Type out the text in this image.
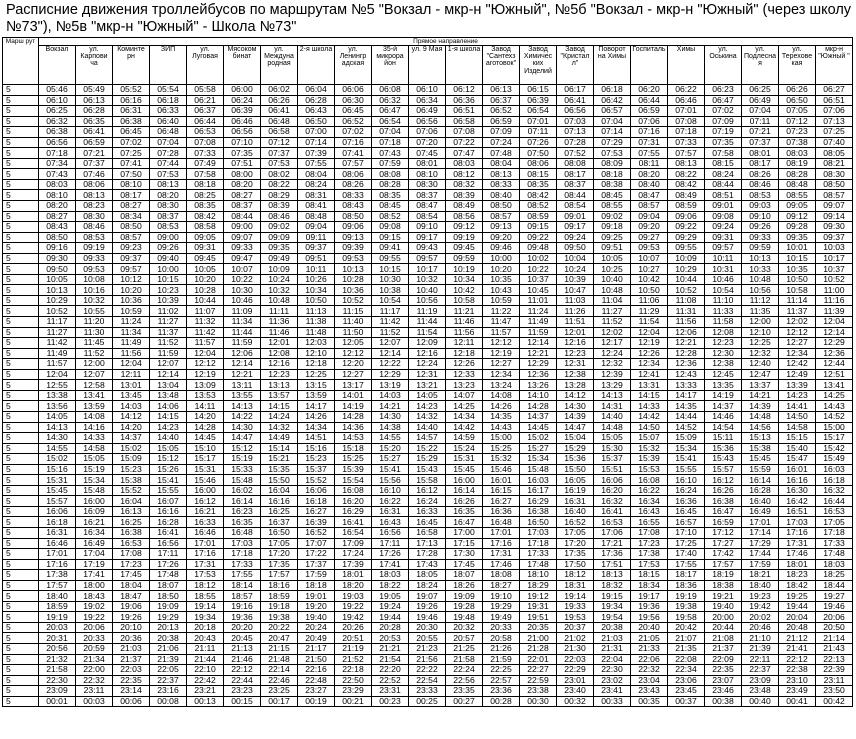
Расписние движения троллейбусов по маршрутам №5 "Вокзал - мкр-н "Южный", №5б "Вокзал - мкр-н "Южный" (через школу №73"), №5в "мкр-н "Южный" - Школа №73"
Марш рут	Прямое направление																					
	Вокзал	ул. Карпови ча	Коминте рн	ЗИП	ул. Луговая	Мясоком бинат	ул. Междуна родная	2-я школа	ул. Ленингр адская	35-й микрора йон	ул. 9 Мая	1-я школа	Завод "Сантехз аготовок"	Завод Химичес ких Изделий	Завод "Кристал л"	Поворот на Химы	Госпиталь	Химы	ул. Оськина	ул. Подлесна я	ул. Терехове кая	мкр-н "Южный "
5	05:46	05:49	05:52	05:54	05:58	06:00	06:02	06:04	06:06	06:08	06:10	06:12	06:13	06:15	06:17	06:18	06:20	06:22	06:23	06:25	06:26	06:27
5	06:10	06:13	06:16	06:18	06:21	06:24	06:26	06:28	06:30	06:32	06:34	06:36	06:37	06:39	06:41	06:42	06:44	06:46	06:47	06:49	06:50	06:51
5	06:25	06:28	06:31	06:33	06:37	06:39	06:41	06:43	06:45	06:47	06:49	06:51	06:52	06:54	06:56	06:57	06:59	07:01	07:02	07:04	07:05	07:06
5	06:32	06:35	06:38	06:40	06:44	06:46	06:48	06:50	06:52	06:54	06:56	06:58	06:59	07:01	07:03	07:04	07:06	07:08	07:09	07:11	07:12	07:13
5	06:38	06:41	06:45	06:48	06:53	06:56	06:58	07:00	07:02	07:04	07:06	07:08	07:09	07:11	07:13	07:14	07:16	07:18	07:19	07:21	07:23	07:25
5	06:56	06:59	07:02	07:04	07:08	07:10	07:12	07:14	07:16	07:18	07:20	07:22	07:24	07:26	07:28	07:29	07:31	07:33	07:35	07:37	07:38	07:40
5	07:18	07:21	07:25	07:28	07:33	07:35	07:37	07:39	07:41	07:43	07:45	07:47	07:48	07:50	07:52	07:53	07:55	07:57	07:58	08:01	08:03	08:05
5	07:34	07:37	07:41	07:44	07:49	07:51	07:53	07:55	07:57	07:59	08:01	08:03	08:04	08:06	08:08	08:09	08:11	08:13	08:15	08:17	08:19	08:21
5	07:43	07:46	07:50	07:53	07:58	08:00	08:02	08:04	08:06	08:08	08:10	08:12	08:13	08:15	08:17	08:18	08:20	08:22	08:24	08:26	08:28	08:30
5	08:03	08:06	08:10	08:13	08:18	08:20	08:22	08:24	08:26	08:28	08:30	08:32	08:33	08:35	08:37	08:38	08:40	08:42	08:44	08:46	08:48	08:50
5	08:10	08:13	08:17	08:20	08:25	08:27	08:29	08:31	08:33	08:35	08:37	08:39	08:40	08:42	08:44	08:45	08:47	08:49	08:51	08:53	08:55	08:57
5	08:20	08:23	08:27	08:30	08:35	08:37	08:39	08:41	08:43	08:45	08:47	08:49	08:50	08:52	08:54	08:55	08:57	08:59	09:01	09:03	09:05	09:07
5	08:27	08:30	08:34	08:37	08:42	08:44	08:46	08:48	08:50	08:52	08:54	08:56	08:57	08:59	09:01	09:02	09:04	09:06	09:08	09:10	09:12	09:14
5	08:43	08:46	08:50	08:53	08:58	09:00	09:02	09:04	09:06	09:08	09:10	09:12	09:13	09:15	09:17	09:18	09:20	09:22	09:24	09:26	09:28	09:30
5	08:50	08:53	08:57	09:00	09:05	09:07	09:09	09:11	09:13	09:15	09:17	09:19	09:20	09:22	09:24	09:25	09:27	09:29	09:31	09:33	09:35	09:37
5	09:16	09:19	09:23	09:26	09:31	09:33	09:35	09:37	09:39	09:41	09:43	09:45	09:46	09:48	09:50	09:51	09:53	09:55	09:57	09:59	10:01	10:03
5	09:30	09:33	09:37	09:40	09:45	09:47	09:49	09:51	09:53	09:55	09:57	09:59	10:00	10:02	10:04	10:05	10:07	10:09	10:11	10:13	10:15	10:17
5	09:50	09:53	09:57	10:00	10:05	10:07	10:09	10:11	10:13	10:15	10:17	10:19	10:20	10:22	10:24	10:25	10:27	10:29	10:31	10:33	10:35	10:37
5	10:05	10:08	10:12	10:15	10:20	10:22	10:24	10:26	10:28	10:30	10:32	10:34	10:35	10:37	10:39	10:40	10:42	10:44	10:46	10:48	10:50	10:52
5	10:13	10:16	10:20	10:23	10:28	10:30	10:32	10:34	10:36	10:38	10:40	10:42	10:43	10:45	10:47	10:48	10:50	10:52	10:54	10:56	10:58	11:00
5	10:29	10:32	10:36	10:39	10:44	10:46	10:48	10:50	10:52	10:54	10:56	10:58	10:59	11:01	11:03	11:04	11:06	11:08	11:10	11:12	11:14	11:16
5	10:52	10:55	10:59	11:02	11:07	11:09	11:11	11:13	11:15	11:17	11:19	11:21	11:22	11:24	11:26	11:27	11:29	11:31	11:33	11:35	11:37	11:39
5	11:17	11:20	11:24	11:27	11:32	11:34	11:36	11:38	11:40	11:42	11:44	11:46	11:47	11:49	11:51	11:52	11:54	11:56	11:58	12:00	12:02	12:04
5	11:27	11:30	11:34	11:37	11:42	11:44	11:46	11:48	11:50	11:52	11:54	11:56	11:57	11:59	12:01	12:02	12:04	12:06	12:08	12:10	12:12	12:14
5	11:42	11:45	11:49	11:52	11:57	11:59	12:01	12:03	12:05	12:07	12:09	12:11	12:12	12:14	12:16	12:17	12:19	12:21	12:23	12:25	12:27	12:29
5	11:49	11:52	11:56	11:59	12:04	12:06	12:08	12:10	12:12	12:14	12:16	12:18	12:19	12:21	12:23	12:24	12:26	12:28	12:30	12:32	12:34	12:36
5	11:57	12:00	12:04	12:07	12:12	12:14	12:16	12:18	12:20	12:22	12:24	12:26	12:27	12:29	12:31	12:32	12:34	12:36	12:38	12:40	12:42	12:44
5	12:04	12:07	12:11	12:14	12:19	12:21	12:23	12:25	12:27	12:29	12:31	12:33	12:34	12:36	12:38	12:39	12:41	12:43	12:45	12:47	12:49	12:51
5	12:55	12:58	13:01	13:04	13:09	13:11	13:13	13:15	13:17	13:19	13:21	13:23	13:24	13:26	13:28	13:29	13:31	13:33	13:35	13:37	13:39	13:41
5	13:38	13:41	13:45	13:48	13:53	13:55	13:57	13:59	14:01	14:03	14:05	14:07	14:08	14:10	14:12	14:13	14:15	14:17	14:19	14:21	14:23	14:25
5	13:56	13:59	14:03	14:06	14:11	14:13	14:15	14:17	14:19	14:21	14:23	14:25	14:26	14:28	14:30	14:31	14:33	14:35	14:37	14:39	14:41	14:43
5	14:05	14:08	14:12	14:15	14:20	14:22	14:24	14:26	14:28	14:30	14:32	14:34	14:35	14:37	14:39	14:40	14:42	14:44	14:46	14:48	14:50	14:52
5	14:13	14:16	14:20	14:23	14:28	14:30	14:32	14:34	14:36	14:38	14:40	14:42	14:43	14:45	14:47	14:48	14:50	14:52	14:54	14:56	14:58	15:00
5	14:30	14:33	14:37	14:40	14:45	14:47	14:49	14:51	14:53	14:55	14:57	14:59	15:00	15:02	15:04	15:05	15:07	15:09	15:11	15:13	15:15	15:17
5	14:55	14:58	15:02	15:05	15:10	15:12	15:14	15:16	15:18	15:20	15:22	15:24	15:25	15:27	15:29	15:30	15:32	15:34	15:36	15:38	15:40	15:42
5	15:02	15:05	15:09	15:12	15:17	15:19	15:21	15:23	15:25	15:27	15:29	15:31	15:32	15:34	15:36	15:37	15:39	15:41	15:43	15:45	15:47	15:49
5	15:16	15:19	15:23	15:26	15:31	15:33	15:35	15:37	15:39	15:41	15:43	15:45	15:46	15:48	15:50	15:51	15:53	15:55	15:57	15:59	16:01	16:03
5	15:31	15:34	15:38	15:41	15:46	15:48	15:50	15:52	15:54	15:56	15:58	16:00	16:01	16:03	16:05	16:06	16:08	16:10	16:12	16:14	16:16	16:18
5	15:45	15:48	15:52	15:55	16:00	16:02	16:04	16:06	16:08	16:10	16:12	16:14	16:15	16:17	16:19	16:20	16:22	16:24	16:26	16:28	16:30	16:32
5	15:57	16:00	16:04	16:07	16:12	16:14	16:16	16:18	16:20	16:22	16:24	16:26	16:27	16:29	16:31	16:32	16:34	16:36	16:38	16:40	16:42	16:44
5	16:06	16:09	16:13	16:16	16:21	16:23	16:25	16:27	16:29	16:31	16:33	16:35	16:36	16:38	16:40	16:41	16:43	16:45	16:47	16:49	16:51	16:53
5	16:18	16:21	16:25	16:28	16:33	16:35	16:37	16:39	16:41	16:43	16:45	16:47	16:48	16:50	16:52	16:53	16:55	16:57	16:59	17:01	17:03	17:05
5	16:31	16:34	16:38	16:41	16:46	16:48	16:50	16:52	16:54	16:56	16:58	17:00	17:01	17:03	17:05	17:06	17:08	17:10	17:12	17:14	17:16	17:18
5	16:46	16:49	16:53	16:56	17:01	17:03	17:05	17:07	17:09	17:11	17:13	17:15	17:16	17:18	17:20	17:21	17:23	17:25	17:27	17:29	17:31	17:33
5	17:01	17:04	17:08	17:11	17:16	17:18	17:20	17:22	17:24	17:26	17:28	17:30	17:31	17:33	17:35	17:36	17:38	17:40	17:42	17:44	17:46	17:48
5	17:16	17:19	17:23	17:26	17:31	17:33	17:35	17:37	17:39	17:41	17:43	17:45	17:46	17:48	17:50	17:51	17:53	17:55	17:57	17:59	18:01	18:03
5	17:38	17:41	17:45	17:48	17:53	17:55	17:57	17:59	18:01	18:03	18:05	18:07	18:08	18:10	18:12	18:13	18:15	18:17	18:19	18:21	18:23	18:25
5	17:57	18:00	18:04	18:07	18:12	18:14	18:16	18:18	18:20	18:22	18:24	18:26	18:27	18:29	18:31	18:32	18:34	18:36	18:38	18:40	18:42	18:44
5	18:40	18:43	18:47	18:50	18:55	18:57	18:59	19:01	19:03	19:05	19:07	19:09	19:10	19:12	19:14	19:15	19:17	19:19	19:21	19:23	19:25	19:27
5	18:59	19:02	19:06	19:09	19:14	19:16	19:18	19:20	19:22	19:24	19:26	19:28	19:29	19:31	19:33	19:34	19:36	19:38	19:40	19:42	19:44	19:46
5	19:19	19:22	19:26	19:29	19:34	19:36	19:38	19:40	19:42	19:44	19:46	19:48	19:49	19:51	19:53	19:54	19:56	19:58	20:00	20:02	20:04	20:06
5	20:03	20:06	20:10	20:13	20:18	20:20	20:22	20:24	20:26	20:28	20:30	20:32	20:33	20:35	20:37	20:38	20:40	20:42	20:44	20:46	20:48	20:50
5	20:31	20:33	20:36	20:38	20:43	20:45	20:47	20:49	20:51	20:53	20:55	20:57	20:58	21:00	21:02	21:03	21:05	21:07	21:08	21:10	21:12	21:14
5	20:56	20:59	21:03	21:06	21:11	21:13	21:15	21:17	21:19	21:21	21:23	21:25	21:26	21:28	21:30	21:31	21:33	21:35	21:37	21:39	21:41	21:43
5	21:32	21:34	21:37	21:39	21:44	21:46	21:48	21:50	21:52	21:54	21:56	21:58	21:59	22:01	22:03	22:04	22:06	22:08	22:09	22:11	22:12	22:13
5	21:58	22:00	22:03	22:05	22:10	22:12	22:14	22:16	22:18	22:20	22:22	22:24	22:25	22:27	22:29	22:30	22:32	22:34	22:35	22:37	22:38	22:39
5	22:30	22:32	22:35	22:37	22:42	22:44	22:46	22:48	22:50	22:52	22:54	22:56	22:57	22:59	23:01	23:02	23:04	23:06	23:07	23:09	23:10	23:11
5	23:09	23:11	23:14	23:16	23:21	23:23	23:25	23:27	23:29	23:31	23:33	23:35	23:36	23:38	23:40	23:41	23:43	23:45	23:46	23:48	23:49	23:50
5	00:01	00:03	00:06	00:08	00:13	00:15	00:17	00:19	00:21	00:23	00:25	00:27	00:28	00:30	00:32	00:33	00:35	00:37	00:38	00:40	00:41	00:42
